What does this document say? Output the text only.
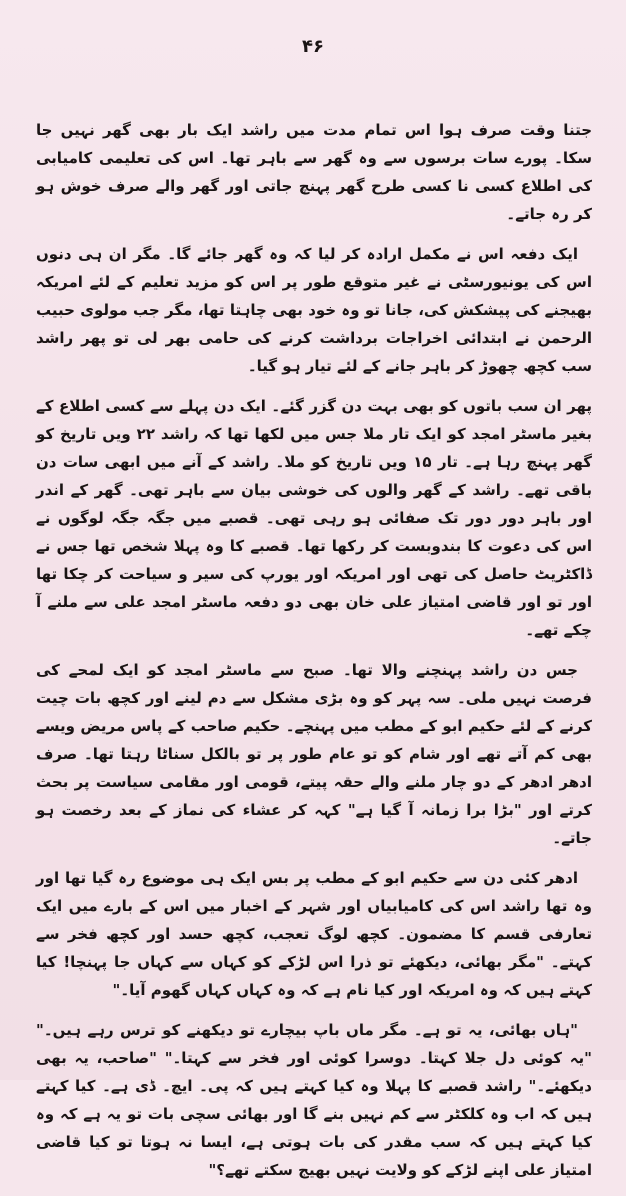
۴۶

جتنا وقت صرف ہوا اس تمام مدت میں راشد ایک بار بھی گھر نہیں جا سکا۔ پورے سات برسوں سے وہ گھر سے باہر تھا۔ اس کی تعلیمی کامیابی کی اطلاع کسی نا کسی طرح گھر پہنچ جاتی اور گھر والے صرف خوش ہو کر رہ جاتے۔

ایک دفعہ اس نے مکمل ارادہ کر لیا کہ وہ گھر جائے گا۔ مگر ان ہی دنوں اس کی یونیورسٹی نے غیر متوقع طور پر اس کو مزید تعلیم کے لئے امریکہ بھیجنے کی پیشکش کی، جانا تو وہ خود بھی چاہتا تھا، مگر جب مولوی حبیب الرحمن نے ابتدائی اخراجات برداشت کرنے کی حامی بھر لی تو پھر راشد سب کچھ چھوڑ کر باہر جانے کے لئے تیار ہو گیا۔

پھر ان سب باتوں کو بھی بہت دن گزر گئے۔ ایک دن پہلے سے کسی اطلاع کے بغیر ماسٹر امجد کو ایک تار ملا جس میں لکھا تھا کہ راشد ۲۲ ویں تاریخ کو گھر پہنچ رہا ہے۔ تار ۱۵ ویں تاریخ کو ملا۔ راشد کے آنے میں ابھی سات دن باقی تھے۔ راشد کے گھر والوں کی خوشی بیان سے باہر تھی۔ گھر کے اندر اور باہر دور دور تک صفائی ہو رہی تھی۔ قصبے میں جگہ جگہ لوگوں نے اس کی دعوت کا بندوبست کر رکھا تھا۔ قصبے کا وہ پہلا شخص تھا جس نے ڈاکٹریٹ حاصل کی تھی اور امریکہ اور یورپ کی سیر و سیاحت کر چکا تھا اور تو اور قاضی امتیاز علی خان بھی دو دفعہ ماسٹر امجد علی سے ملنے آ چکے تھے۔

جس دن راشد پہنچنے والا تھا۔ صبح سے ماسٹر امجد کو ایک لمحے کی فرصت نہیں ملی۔ سہ پہر کو وہ بڑی مشکل سے دم لینے اور کچھ بات چیت کرنے کے لئے حکیم ابو کے مطب میں پہنچے۔ حکیم صاحب کے پاس مریض ویسے بھی کم آتے تھے اور شام کو تو عام طور پر تو بالکل سناٹا رہتا تھا۔ صرف ادھر ادھر کے دو چار ملنے والے حقہ پیتے، قومی اور مقامی سیاست پر بحث کرتے اور "بڑا برا زمانہ آ گیا ہے" کہہ کر عشاء کی نماز کے بعد رخصت ہو جاتے۔

ادھر کئی دن سے حکیم ابو کے مطب پر بس ایک ہی موضوع رہ گیا تھا اور وہ تھا راشد اس کی کامیابیاں اور شہر کے اخبار میں اس کے بارے میں ایک تعارفی قسم کا مضمون۔ کچھ لوگ تعجب، کچھ حسد اور کچھ فخر سے کہتے۔ "مگر بھائی، دیکھئے تو ذرا اس لڑکے کو کہاں سے کہاں جا پہنچا! کیا کہتے ہیں کہ وہ امریکہ اور کیا نام ہے کہ وہ کہاں کہاں گھوم آیا۔"

"ہاں بھائی، یہ تو ہے۔ مگر ماں باپ بیچارے تو دیکھنے کو ترس رہے ہیں۔" "یہ کوئی دل جلا کہتا۔ دوسرا کوئی اور فخر سے کہتا۔" "صاحب، یہ بھی دیکھئے۔" راشد قصبے کا پہلا وہ کیا کہتے ہیں کہ پی۔ ایچ۔ ڈی ہے۔ کیا کہتے ہیں کہ اب وہ کلکٹر سے کم نہیں بنے گا اور بھائی سچی بات تو یہ ہے کہ وہ کیا کہتے ہیں کہ سب مقدر کی بات ہوتی ہے، ایسا نہ ہوتا تو کیا قاضی امتیاز علی اپنے لڑکے کو ولایت نہیں بھیج سکتے تھے؟"
